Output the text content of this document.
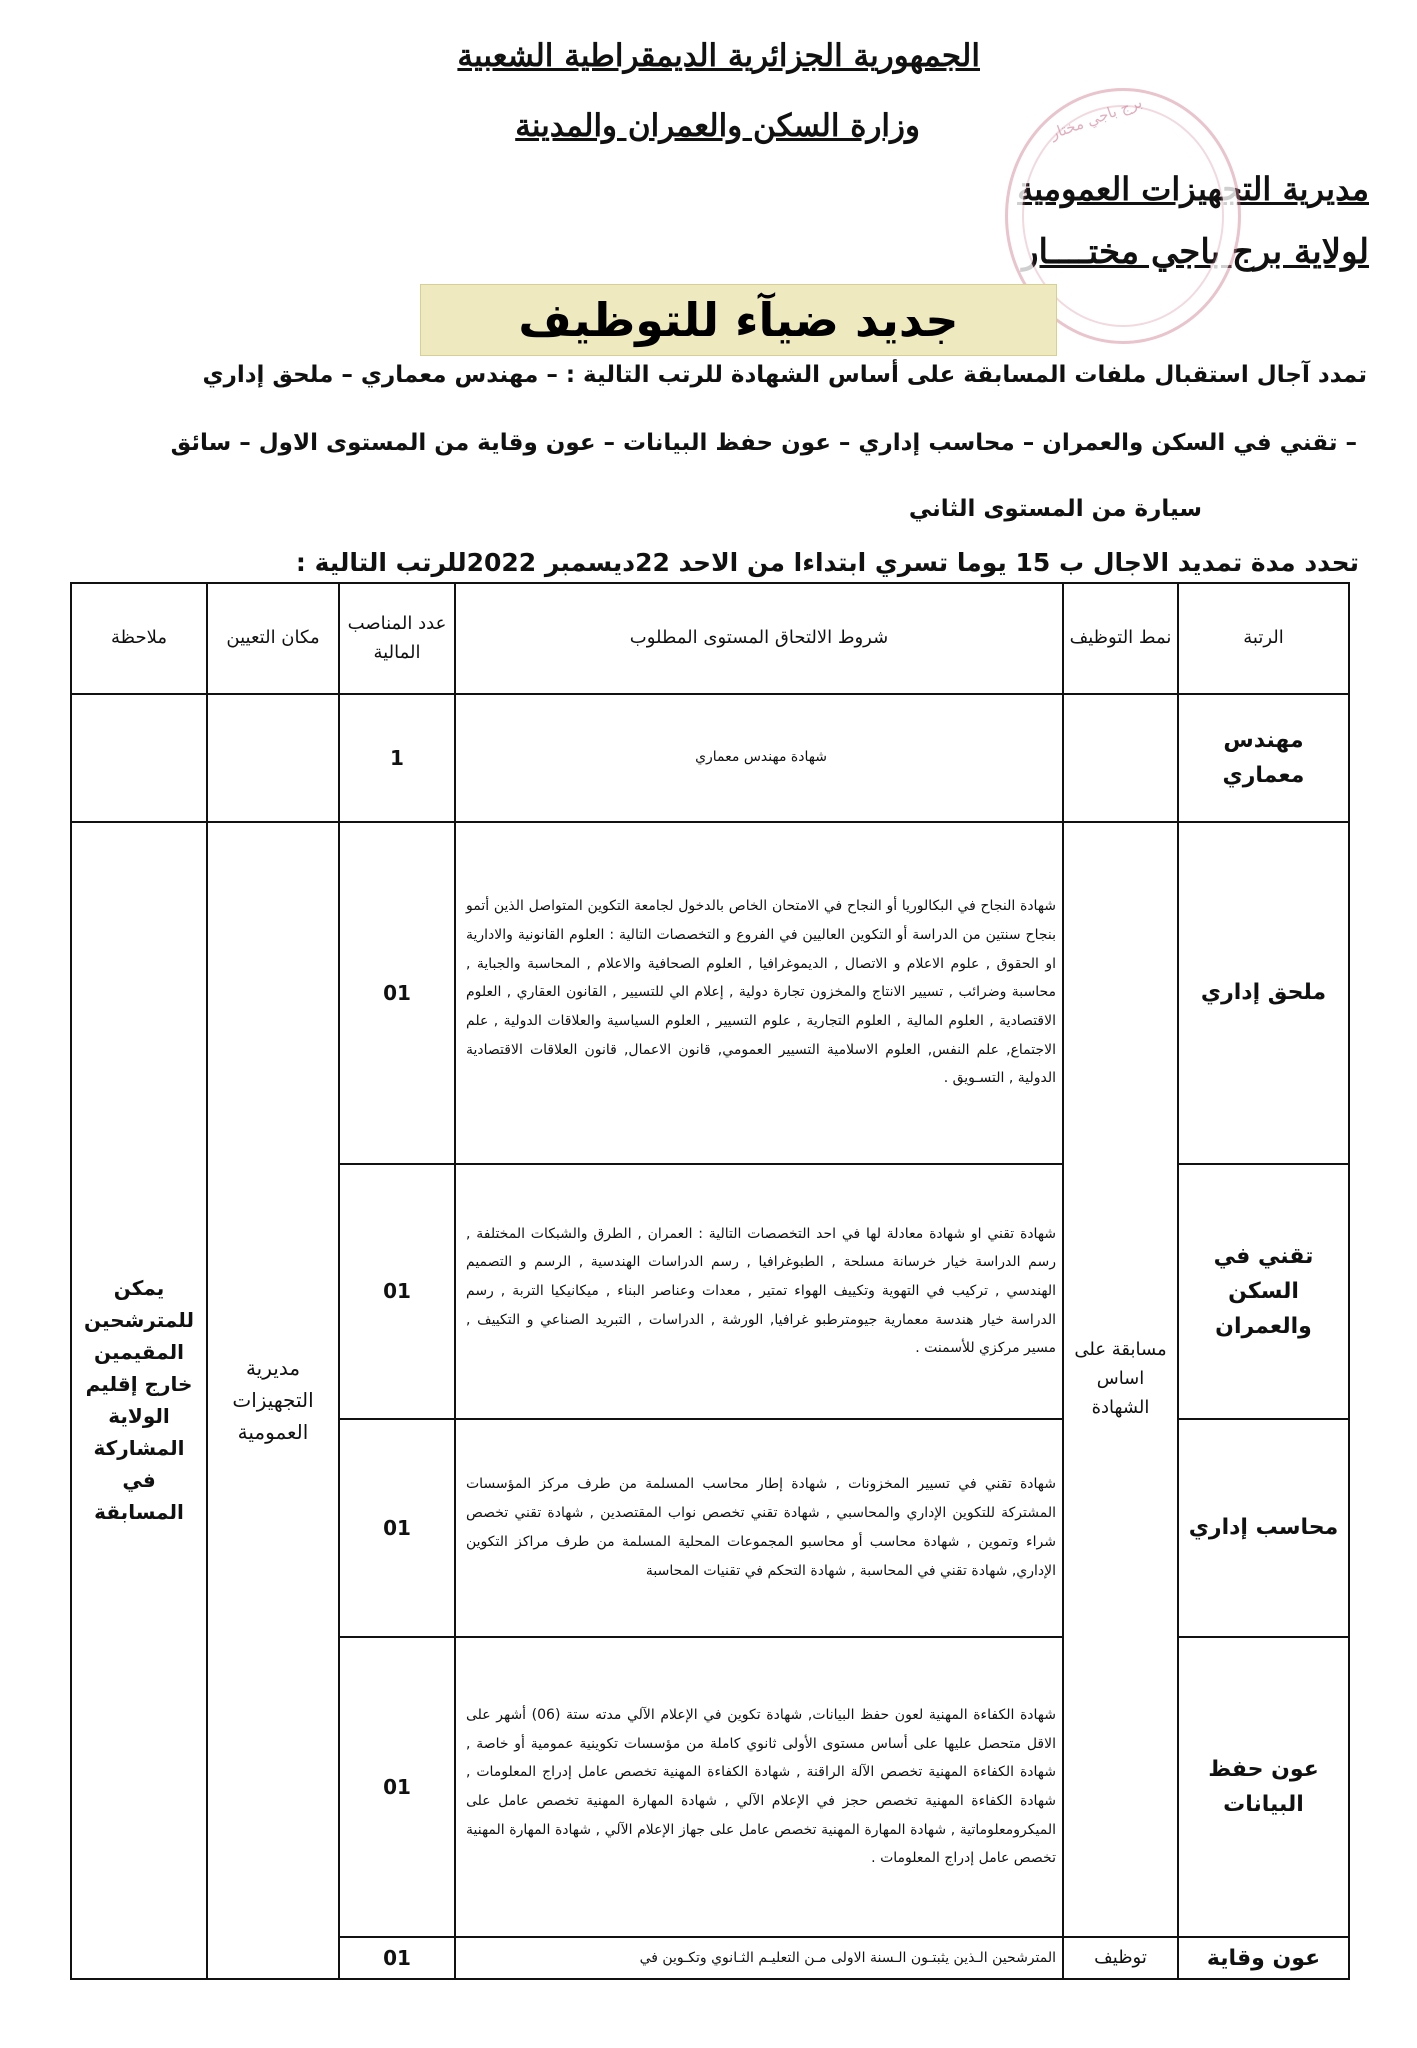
الجمهورية الجزائرية الديمقراطية الشعبية
وزارة السكن والعمران والمدينة
مديرية التجهيزات العمومية
لولاية برج باجي مختــــار
برج باجي مختار
جديد ضيآء للتوظيف
تمدد آجال استقبال ملفات المسابقة على أساس الشهادة للرتب التالية : – مهندس معماري – ملحق إداري
– تقني في السكن والعمران – محاسب إداري – عون حفظ البيانات – عون وقاية من المستوى الاول – سائق
سيارة من المستوى الثاني
تحدد مدة تمديد الاجال ب 15 يوما تسري ابتداءا من الاحد 22ديسمبر 2022للرتب التالية :
الرتبة	نمط التوظيف	شروط الالتحاق المستوى المطلوب	عدد المناصب المالية	مكان التعيين	ملاحظة
مهندس معماري		شهادة مهندس معماري	1		
ملحق إداري	مسابقة على اساس الشهادة	شهادة النجاح في البكالوريا أو النجاح في الامتحان الخاص بالدخول لجامعة التكوين المتواصل الذين أتمو بنجاح سنتين من الدراسة أو التكوين العاليين في الفروع و التخصصات التالية : العلوم القانونية والادارية او الحقوق , علوم الاعلام و الاتصال , الديموغرافيا , العلوم الصحافية والاعلام , المحاسبة والجباية , محاسبة وضرائب , تسيير الانتاج والمخزون تجارة دولية , إعلام الي للتسيير , القانون العقاري , العلوم الاقتصادية , العلوم المالية , العلوم التجارية , علوم التسيير , العلوم السياسية والعلاقات الدولية , علم الاجتماع, علم النفس, العلوم الاسلامية التسيير العمومي, قانون الاعمال, قانون العلاقات الاقتصادية الدولية , التسـويق .	01	مديرية التجهيزات العمومية	يمكن للمترشحين المقيمين خارج إقليم الولاية المشاركة في المسابقة
تقني في السكن والعمران		شهادة تقني او شهادة معادلة لها في احد التخصصات التالية : العمران , الطرق والشبكات المختلفة , رسم الدراسة خيار خرسانة مسلحة , الطبوغرافيا , رسم الدراسات الهندسية , الرسم و التصميم الهندسي , تركيب في التهوية وتكييف الهواء تمتير , معدات وعناصر البناء , ميكانيكيا التربة , رسم الدراسة خيار هندسة معمارية جيومترطبو غرافيا, الورشة , الدراسات , التبريد الصناعي و التكييف , مسير مركزي للأسمنت .	01		
محاسب إداري		شهادة تقني في تسيير المخزونات , شهادة إطار محاسب المسلمة من طرف مركز المؤسسات المشتركة للتكوين الإداري والمحاسبي , شهادة تقني تخصص نواب المقتصدين , شهادة تقني تخصص شراء وتموين , شهادة محاسب أو محاسبو المجموعات المحلية المسلمة من طرف مراكز التكوين الإداري, شهادة تقني في المحاسبة , شهادة التحكم في تقنيات المحاسبة	01		
عون حفظ البيانات		شهادة الكفاءة المهنية لعون حفظ البيانات, شهادة تكوين في الإعلام الآلي مدته ستة (06) أشهر على الاقل متحصل عليها على أساس مستوى الأولى ثانوي كاملة من مؤسسات تكوينية عمومية أو خاصة , شهادة الكفاءة المهنية تخصص الآلة الراقنة , شهادة الكفاءة المهنية تخصص عامل إدراج المعلومات , شهادة الكفاءة المهنية تخصص حجز في الإعلام الآلي , شهادة المهارة المهنية تخصص عامل على الميكرومعلوماتية , شهادة المهارة المهنية تخصص عامل على جهاز الإعلام الآلي , شهادة المهارة المهنية تخصص عامل إدراج المعلومات .	01		
عون وقاية	توظيف	المترشحين الـذين يثبتـون الـسنة الاولى مـن التعليـم الثـانوي وتكـوين في	01		
